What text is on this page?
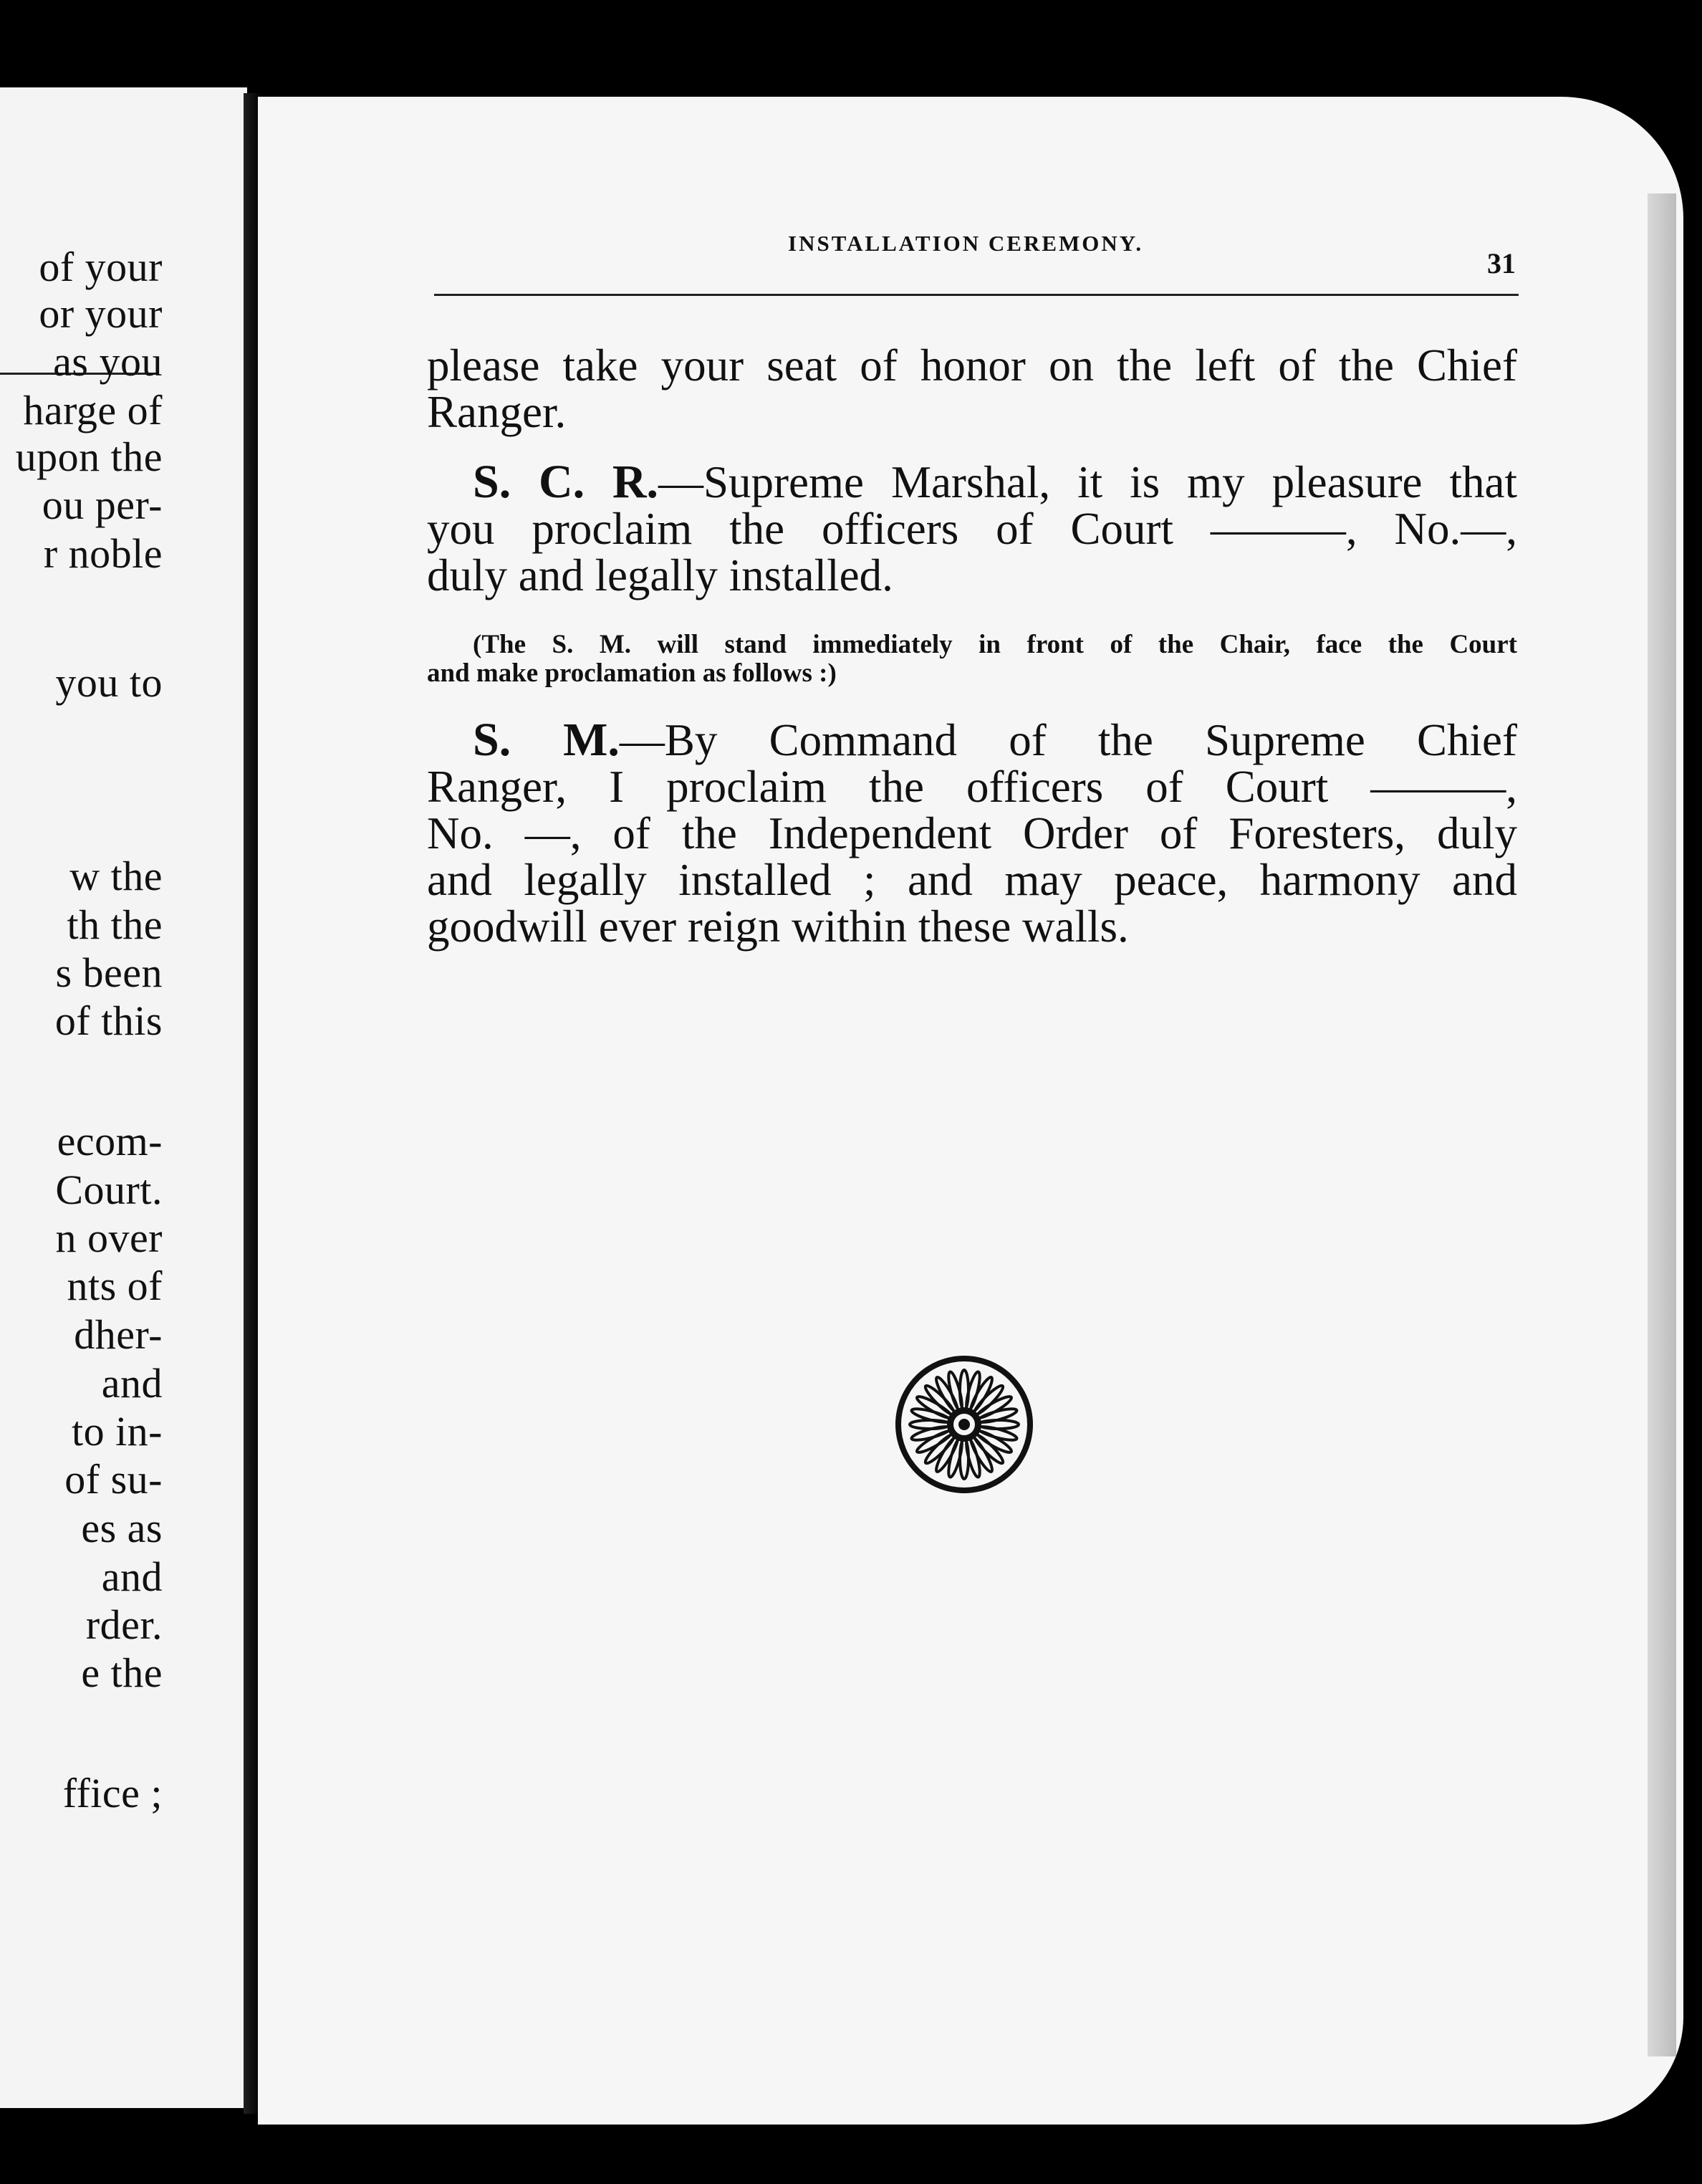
of your
or your
as you
harge of
upon the
ou per-
r noble
you to
w the
th the
s been
of this
ecom-
Court.
n over
nts of
dher-
and
to in-
of su-
es as
and
rder.
e the
ffice ;
INSTALLATION CEREMONY.
31
please take your seat of honor on the left of the Chief
Ranger.
S. C. R.—Supreme Marshal, it is my pleasure that
you proclaim the officers of Court ———, No.—,
duly and legally installed.
(The S. M. will stand immediately in front of the Chair, face the Court
and make proclamation as follows :)
S. M.—By Command of the Supreme Chief
Ranger, I proclaim the officers of Court ———,
No. —, of the Independent Order of Foresters, duly
and legally installed ; and may peace, harmony and
goodwill ever reign within these walls.
